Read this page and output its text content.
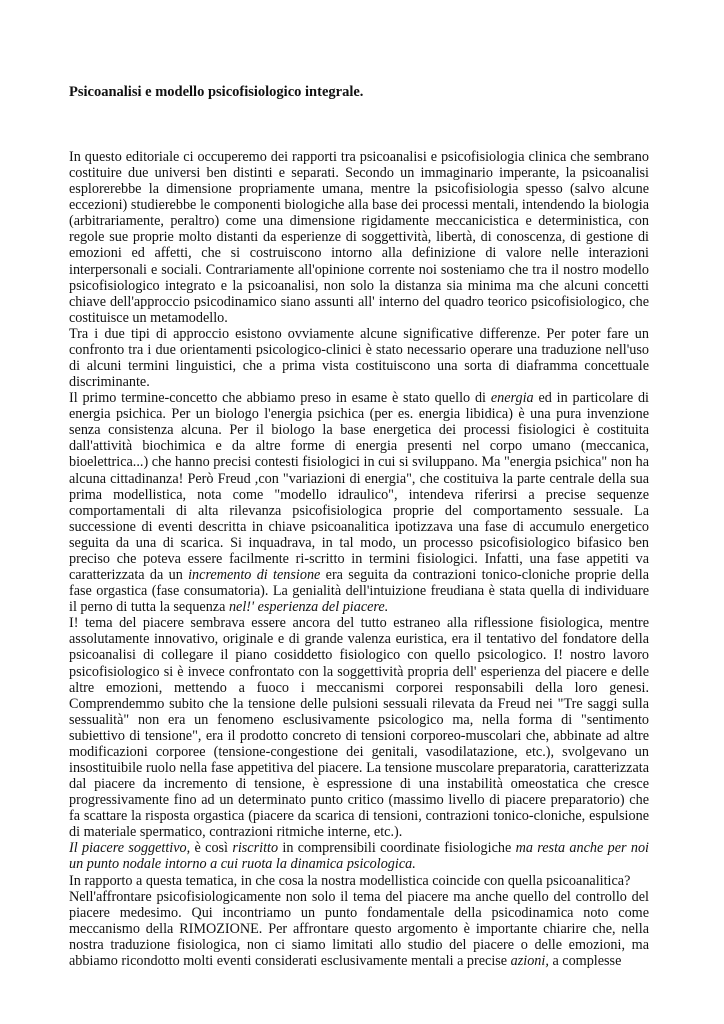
Psicoanalisi e modello psicofisiologico integrale.

In questo editoriale ci occuperemo dei rapporti tra psicoanalisi e psicofisiologia clinica che sembrano costituire due universi ben distinti e separati. Secondo un immaginario imperante, la psicoanalisi esplorerebbe la dimensione propriamente umana, mentre la psicofisiologia spesso (salvo alcune eccezioni) studierebbe le componenti biologiche alla base dei processi mentali, intendendo la biologia (arbitrariamente, peraltro) come una dimensione rigidamente meccanicistica e deterministica, con regole sue proprie molto distanti da esperienze di soggettività, libertà, di conoscenza, di gestione di emozioni ed affetti, che si costruiscono intorno alla definizione di valore nelle interazioni interpersonali e sociali. Contrariamente all'opinione corrente noi sosteniamo che tra il nostro modello psicofisiologico integrato e la psicoanalisi, non solo la distanza sia minima ma che alcuni concetti chiave dell'approccio psicodinamico siano assunti all' interno del quadro teorico psicofisiologico, che costituisce un metamodello.

Tra i due tipi di approccio esistono ovviamente alcune significative differenze. Per poter fare un confronto tra i due orientamenti psicologico-clinici è stato necessario operare una traduzione nell'uso di alcuni termini linguistici, che a prima vista costituiscono una sorta di diaframma concettuale discriminante.

Il primo termine-concetto che abbiamo preso in esame è stato quello di energia ed in particolare di energia psichica. Per un biologo l'energia psichica (per es. energia libidica) è una pura invenzione senza consistenza alcuna. Per il biologo la base energetica dei processi fisiologici è costituita dall'attività biochimica e da altre forme di energia presenti nel corpo umano (meccanica, bioelettrica...) che hanno precisi contesti fisiologici in cui si sviluppano. Ma "energia psichica" non ha alcuna cittadinanza! Però Freud ,con "variazioni di energia", che costituiva la parte centrale della sua prima modellistica, nota come "modello idraulico", intendeva riferirsi a precise sequenze comportamentali di alta rilevanza psicofisiologica proprie del comportamento sessuale. La successione di eventi descritta in chiave psicoanalitica ipotizzava una fase di accumulo energetico seguita da una di scarica. Si inquadrava, in tal modo, un processo psicofisiologico bifasico ben preciso che poteva essere facilmente ri-scritto in termini fisiologici. Infatti, una fase appetiti va caratterizzata da un incremento di tensione era seguita da contrazioni tonico-cloniche proprie della fase orgastica (fase consumatoria). La genialità dell'intuizione freudiana è stata quella di individuare il perno di tutta la sequenza nel!' esperienza del piacere.

I! tema del piacere sembrava essere ancora del tutto estraneo alla riflessione fisiologica, mentre assolutamente innovativo, originale e di grande valenza euristica, era il tentativo del fondatore della psicoanalisi di collegare il piano cosiddetto fisiologico con quello psicologico. I! nostro lavoro psicofisiologico si è invece confrontato con la soggettività propria dell' esperienza del piacere e delle altre emozioni, mettendo a fuoco i meccanismi corporei responsabili della loro genesi. Comprendemmo subito che la tensione delle pulsioni sessuali rilevata da Freud nei "Tre saggi sulla sessualità" non era un fenomeno esclusivamente psicologico ma, nella forma di "sentimento subiettivo di tensione", era il prodotto concreto di tensioni corporeo-muscolari che, abbinate ad altre modificazioni corporee (tensione-congestione dei genitali, vasodilatazione, etc.), svolgevano un insostituibile ruolo nella fase appetitiva del piacere. La tensione muscolare preparatoria, caratterizzata dal piacere da incremento di tensione, è espressione di una instabilità omeostatica che cresce progressivamente fino ad un determinato punto critico (massimo livello di piacere preparatorio) che fa scattare la risposta orgastica (piacere da scarica di tensioni, contrazioni tonico-cloniche, espulsione di materiale spermatico, contrazioni ritmiche interne, etc.).

Il piacere soggettivo, è così riscritto in comprensibili coordinate fisiologiche ma resta anche per noi un punto nodale intorno a cui ruota la dinamica psicologica.

In rapporto a questa tematica, in che cosa la nostra modellistica coincide con quella psicoanalitica?

Nell'affrontare psicofisiologicamente non solo il tema del piacere ma anche quello del controllo del piacere medesimo. Qui incontriamo un punto fondamentale della psicodinamica noto come meccanismo della RIMOZIONE. Per affrontare questo argomento è importante chiarire che, nella nostra traduzione fisiologica, non ci siamo limitati allo studio del piacere o delle emozioni, ma abbiamo ricondotto molti eventi considerati esclusivamente mentali a precise azioni, a complesse
